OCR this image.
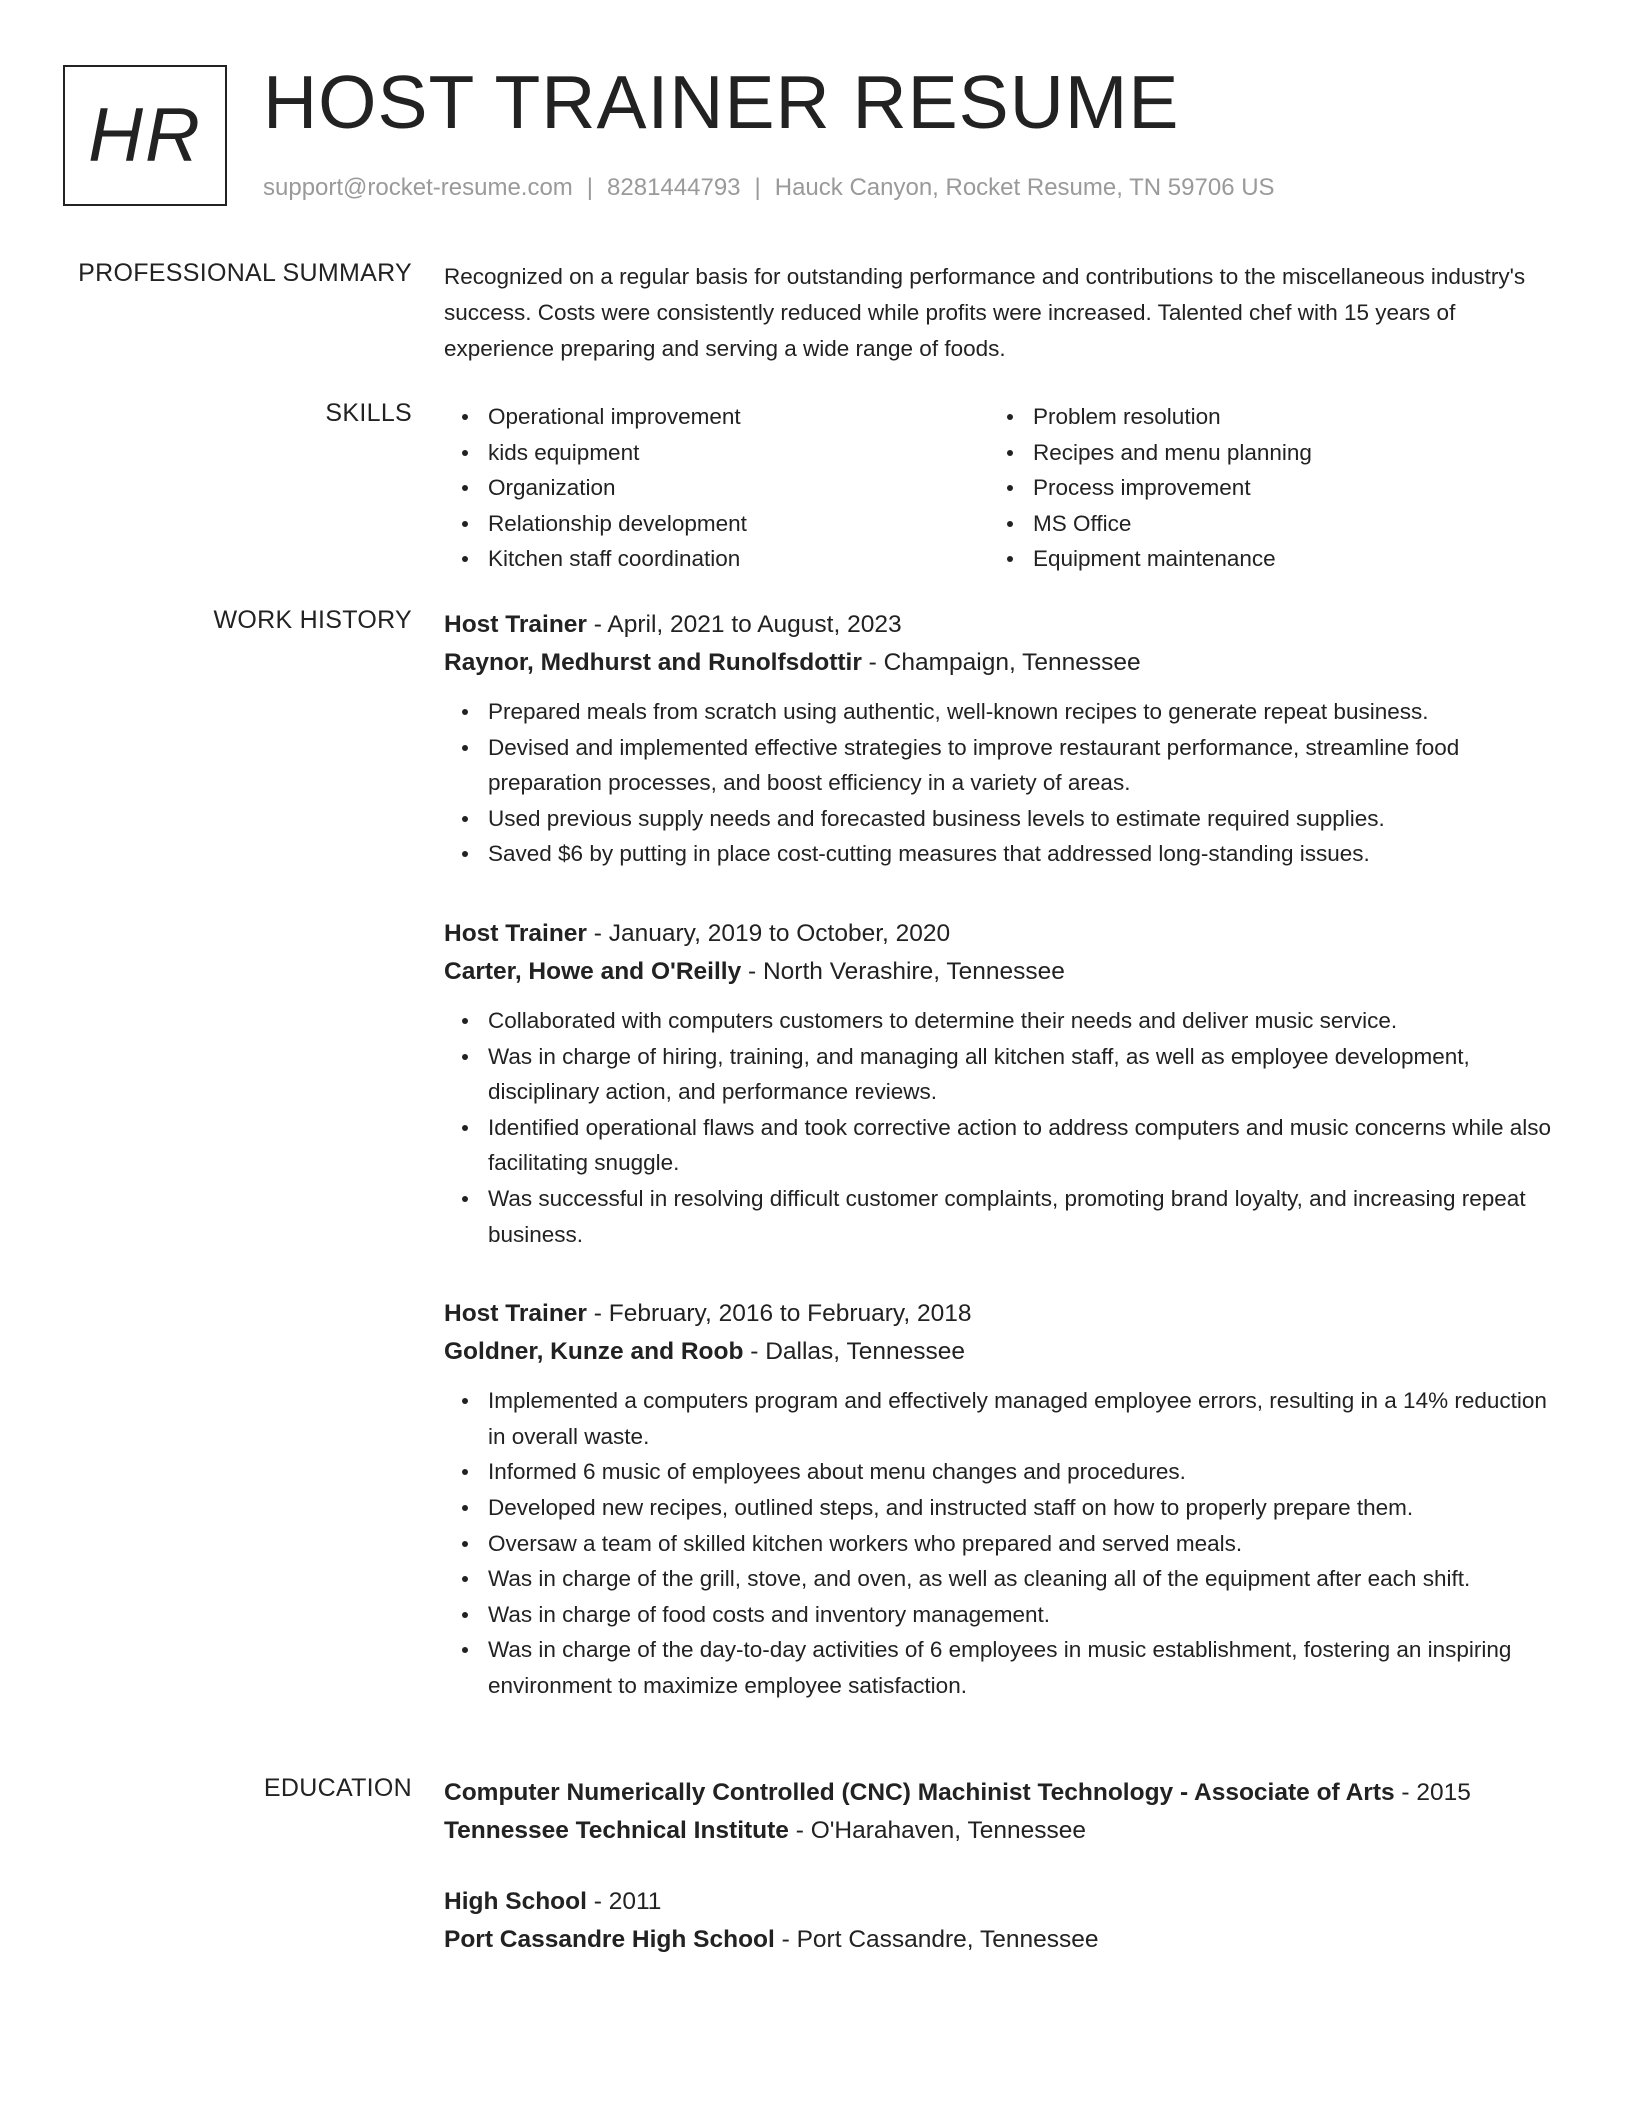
HR HOST TRAINER RESUME
support@rocket-resume.com | 8281444793 | Hauck Canyon, Rocket Resume, TN 59706 US
PROFESSIONAL SUMMARY Recognized on a regular basis for outstanding performance and contributions to the miscellaneous industry's success. Costs were consistently reduced while profits were increased. Talented chef with 15 years of experience preparing and serving a wide range of foods.

SKILLS	Operational improvement
kids equipment
Organization
Relationship development
Kitchen staff coordination
Problem resolution
Recipes and menu planning
Process improvement
MS Office
Equipment maintenance
WORK HISTORY Host Trainer - April, 2021 to August, 2023
Raynor, Medhurst and Runolfsdottir - Champaign, Tennessee
Prepared meals from scratch using authentic, well-known recipes to generate repeat business.
Devised and implemented effective strategies to improve restaurant performance, streamline food preparation processes, and boost efficiency in a variety of areas.
Used previous supply needs and forecasted business levels to estimate required supplies.
Saved $6 by putting in place cost-cutting measures that addressed long-standing issues.
Host Trainer - January, 2019 to October, 2020
Carter, Howe and O'Reilly - North Verashire, Tennessee
Collaborated with computers customers to determine their needs and deliver music service.
Was in charge of hiring, training, and managing all kitchen staff, as well as employee development, disciplinary action, and performance reviews.
Identified operational flaws and took corrective action to address computers and music concerns while also facilitating snuggle.
Was successful in resolving difficult customer complaints, promoting brand loyalty, and increasing repeat business.
Host Trainer - February, 2016 to February, 2018
Goldner, Kunze and Roob - Dallas, Tennessee
Implemented a computers program and effectively managed employee errors, resulting in a 14% reduction in overall waste.
Informed 6 music of employees about menu changes and procedures.
Developed new recipes, outlined steps, and instructed staff on how to properly prepare them.
Oversaw a team of skilled kitchen workers who prepared and served meals.
Was in charge of the grill, stove, and oven, as well as cleaning all of the equipment after each shift.
Was in charge of food costs and inventory management.
Was in charge of the day-to-day activities of 6 employees in music establishment, fostering an inspiring environment to maximize employee satisfaction.
EDUCATION Computer Numerically Controlled (CNC) Machinist Technology - Associate of Arts - 2015
Tennessee Technical Institute - O'Harahaven, Tennessee
High School - 2011
Port Cassandre High School - Port Cassandre, Tennessee
